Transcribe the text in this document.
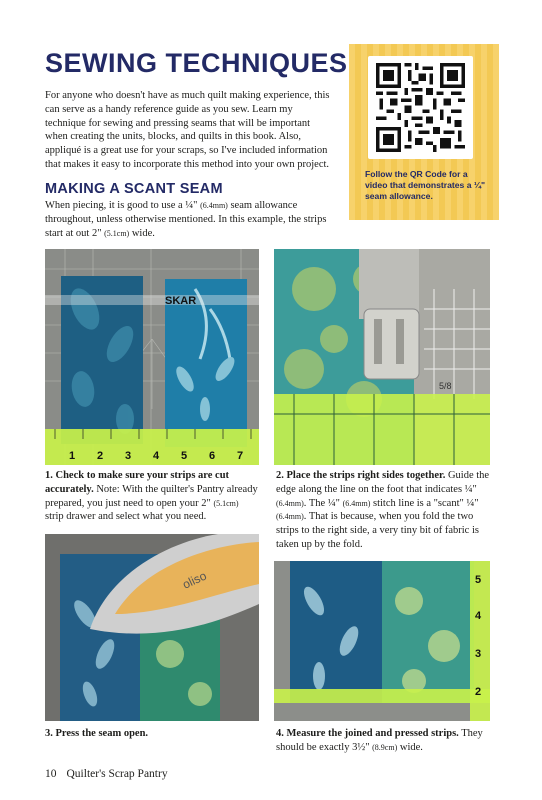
SEWING TECHNIQUES
For anyone who doesn't have as much quilt making experience, this can serve as a handy reference guide as you sew. Learn my technique for sewing and pressing seams that will be important when creating the units, blocks, and quilts in this book. Also, appliqué is a great use for your scraps, so I've included information that makes it easy to incorporate this method into your own project.
MAKING A SCANT SEAM
When piecing, it is good to use a ¼" (6.4mm) seam allowance throughout, unless otherwise mentioned. In this example, the strips start at out 2" (5.1cm) wide.
Follow the QR Code for a video that demonstrates a ¼" seam allowance.
SKAR
1 2 3 4 5 6 7
5/8
oliso	5
4
3
2
1. Check to make sure your strips are cut accurately. Note: With the quilter's Pantry already prepared, you just need to open your 2" (5.1cm) strip drawer and select what you need.
2. Place the strips right sides together. Guide the edge along the line on the foot that indicates ¼" (6.4mm). The ¼" (6.4mm) stitch line is a "scant" ¼" (6.4mm). That is because, when you fold the two strips to the right side, a very tiny bit of fabric is taken up by the fold.
3. Press the seam open.	4. Measure the joined and pressed strips. They should be exactly 3½" (8.9cm) wide.
10 Quilter's Scrap Pantry
